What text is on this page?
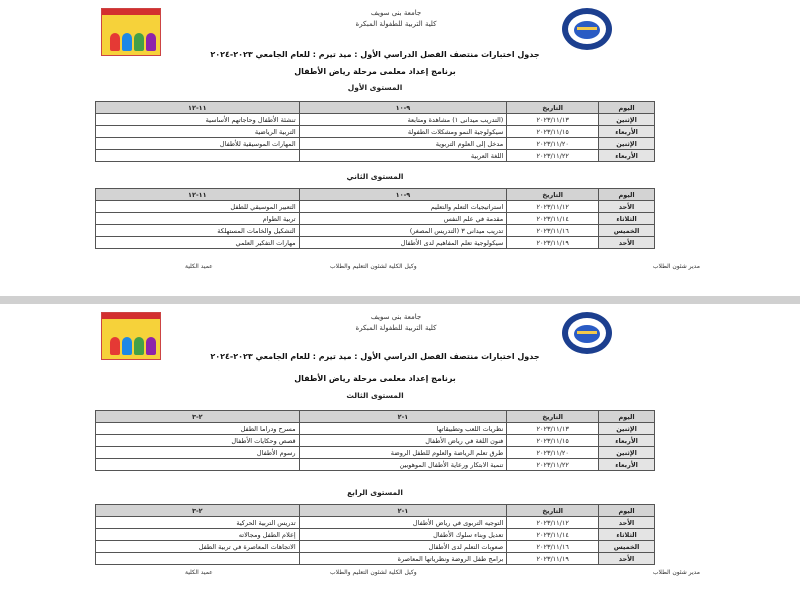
جامعة بنى سويف
كلية التربية للطفولة المبكرة
جدول اختبارات منتصف الفصل الدراسي الأول : ميد تيرم : للعام الجامعي ٢٠٢٣-٢٠٢٤
برنامج إعداد معلمى مرحلة رياض الأطفال
المستوى الأول
اليوم	التاريخ	٩-١٠	١١-١٢
الإثنين	٢٠٢٣/١١/١٣	(التدريب ميدانى ١) مشاهدة ومتابعة	تنشئة الأطفال وحاجاتهم الأساسية
الأربعاء	٢٠٢٣/١١/١٥	سيكولوجية النمو ومشكلات الطفولة	التربية الرياضية
الإثنين	٢٠٢٣/١١/٢٠	مدخل إلى العلوم التربوية	المهارات الموسيقية للأطفال
الأربعاء	٢٠٢٣/١١/٢٢	اللغة العربية	
المستوى الثاني
اليوم	التاريخ	٩-١٠	١١-١٢
الأحد	٢٠٢٣/١١/١٢	استراتيجيات التعلم والتعليم	التعبير الموسيقي للطفل
الثلاثاء	٢٠٢٣/١١/١٤	مقدمة في علم النفس	تربية الطوام
الخميس	٢٠٢٣/١١/١٦	تدريب ميدانى ٣ (التدريس المصغر)	التشكيل والخامات المستهلكة
الأحد	٢٠٢٣/١١/١٩	سيكولوجية تعلم المفاهيم لدى الأطفال	مهارات التفكير العلمي
مدير شئون الطلاب
وكيل الكلية لشئون التعليم والطلاب
عميد الكلية
جامعة بنى سويف
كلية التربية للطفولة المبكرة
جدول اختبارات منتصف الفصل الدراسي الأول : ميد تيرم : للعام الجامعي ٢٠٢٣-٢٠٢٤
برنامج إعداد معلمى مرحلة رياض الأطفال
المستوى الثالث
اليوم	التاريخ	١-٢	٢-٣
الإثنين	٢٠٢٣/١١/١٣	نظريات اللعب وتطبيقاتها	مسرح ودراما الطفل
الأربعاء	٢٠٢٣/١١/١٥	فنون اللغة في رياض الأطفال	قصص وحكايات الأطفال
الإثنين	٢٠٢٣/١١/٢٠	طرق تعلم الرياضة والعلوم للطفل الروضة	رسوم الأطفال
الأربعاء	٢٠٢٣/١١/٢٢	تنمية الابتكار ورعاية الأطفال الموهوبين	
المستوى الرابع
اليوم	التاريخ	١-٢	٢-٣
الأحد	٢٠٢٣/١١/١٢	التوجيه التربوى في رياض الأطفال	تدريس التربية الحركية
الثلاثاء	٢٠٢٣/١١/١٤	تعديل وبناء سلوك الأطفال	إعلام الطفل ومجالاته
الخميس	٢٠٢٣/١١/١٦	صعوبات التعلم لدى الأطفال	الاتجاهات المعاصرة في تربية الطفل
الأحد	٢٠٢٣/١١/١٩	برامج طفل الروضة ونظرياتها المعاصرة	
مدير شئون الطلاب
وكيل الكلية لشئون التعليم والطلاب
عميد الكلية
